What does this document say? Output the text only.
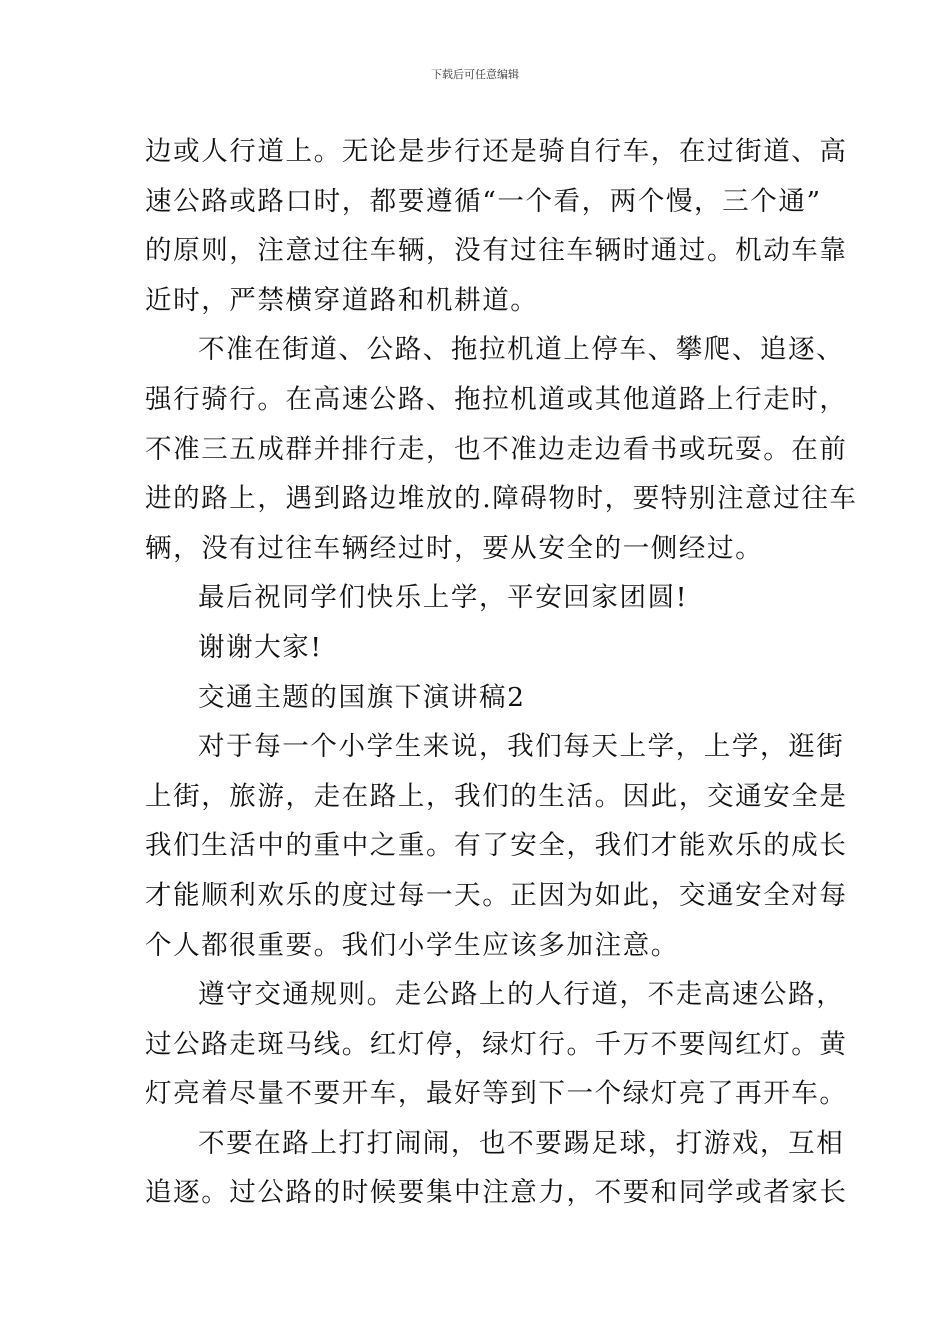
下载后可任意编辑
边或人行道上。无论是步行还是骑自行车，在过街道、高
速公路或路口时，都要遵循“一个看，两个慢，三个通”
的原则，注意过往车辆，没有过往车辆时通过。机动车靠
近时，严禁横穿道路和机耕道。
不准在街道、公路、拖拉机道上停车、攀爬、追逐、
强行骑行。在高速公路、拖拉机道或其他道路上行走时，
不准三五成群并排行走，也不准边走边看书或玩耍。在前
进的路上，遇到路边堆放的.障碍物时，要特别注意过往车
辆，没有过往车辆经过时，要从安全的一侧经过。
最后祝同学们快乐上学，平安回家团圆!
谢谢大家!
交通主题的国旗下演讲稿2
对于每一个小学生来说，我们每天上学，上学，逛街
上街，旅游，走在路上，我们的生活。因此，交通安全是
我们生活中的重中之重。有了安全，我们才能欢乐的成长
才能顺利欢乐的度过每一天。正因为如此，交通安全对每
个人都很重要。我们小学生应该多加注意。
遵守交通规则。走公路上的人行道，不走高速公路，
过公路走斑马线。红灯停，绿灯行。千万不要闯红灯。黄
灯亮着尽量不要开车，最好等到下一个绿灯亮了再开车。
不要在路上打打闹闹，也不要踢足球，打游戏，互相
追逐。过公路的时候要集中注意力，不要和同学或者家长
